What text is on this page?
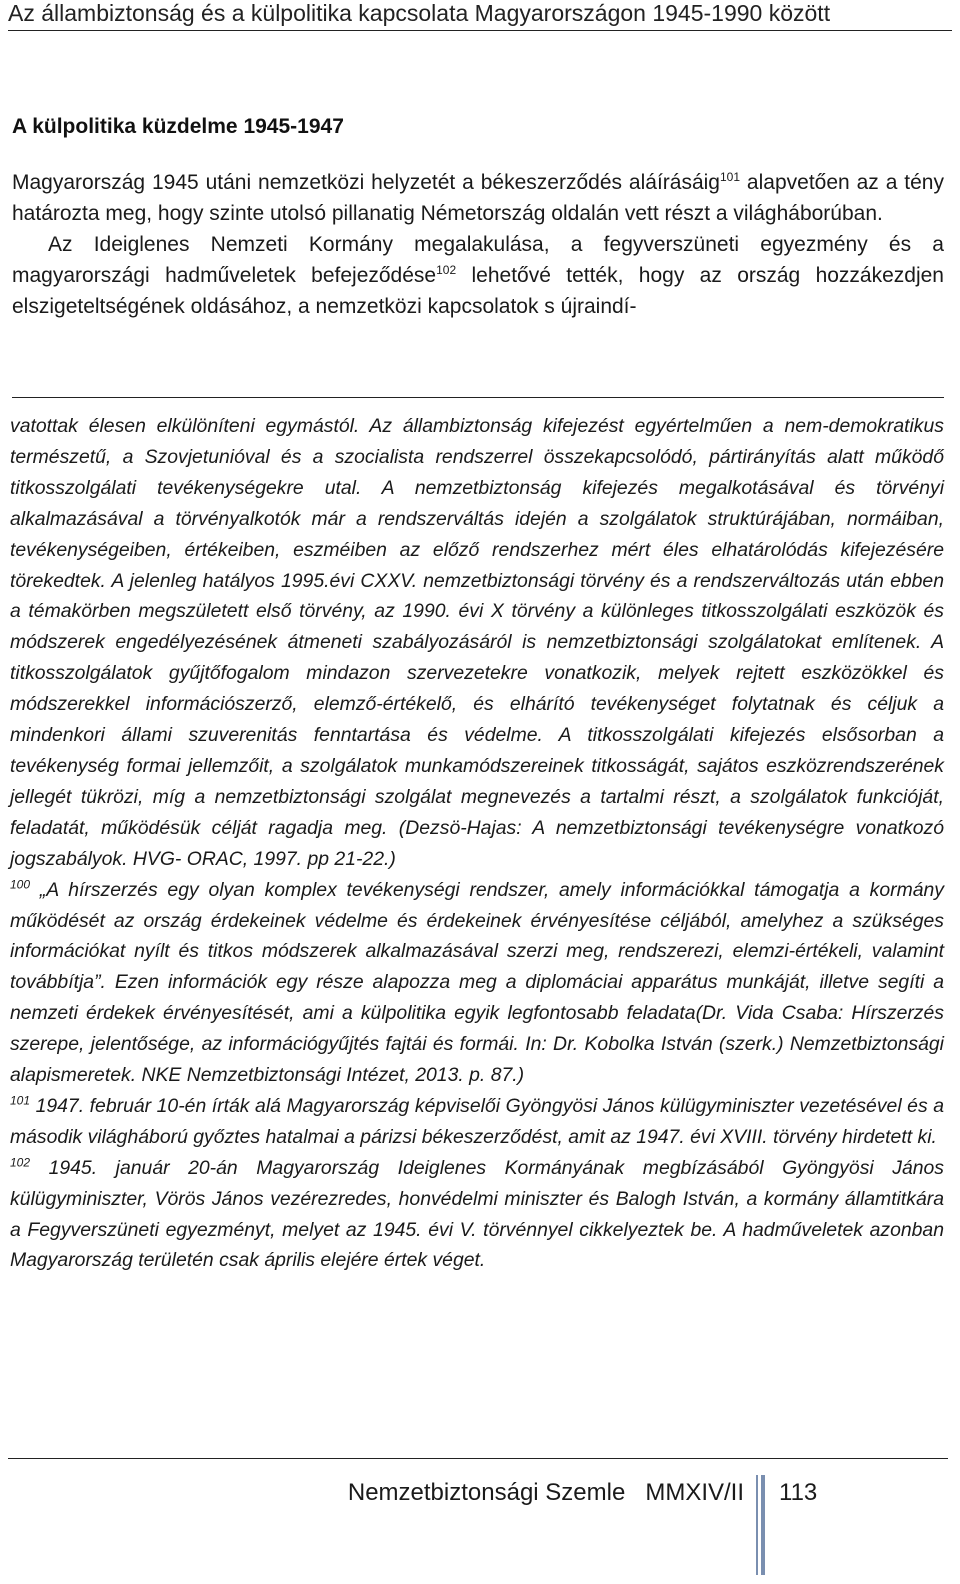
Az állambiztonság és a külpolitika kapcsolata Magyarországon 1945-1990 között
A külpolitika küzdelme 1945-1947

Magyarország 1945 utáni nemzetközi helyzetét a békeszerződés aláírásáig$^{101}$ alapvetően az a tény határozta meg, hogy szinte utolsó pillanatig Németország oldalán vett részt a világháborúban.

Az Ideiglenes Nemzeti Kormány megalakulása, a fegyverszüneti egyezmény és a magyarországi hadműveletek befejeződése$^{102}$ lehetővé tették, hogy az ország hozzákezdjen elszigeteltségének oldásához, a nemzetközi kapcsolatok s újraindí-

vatottak élesen elkülöníteni egymástól. Az állambiztonság kifejezést egyértelműen a nem-demokratikus természetű, a Szovjetunióval és a szocialista rendszerrel összekapcsolódó, pártirányítás alatt működő titkosszolgálati tevékenységekre utal. A nemzetbiztonság kifejezés megalkotásával és törvényi alkalmazásával a törvényalkotók már a rendszerváltás idején a szolgálatok struktúrájában, normáiban, tevékenységeiben, értékeiben, eszméiben az előző rendszerhez mért éles elhatárolódás kifejezésére törekedtek. A jelenleg hatályos 1995.évi CXXV. nemzetbiztonsági törvény és a rendszerváltozás után ebben a témakörben megszületett első törvény, az 1990. évi X törvény a különleges titkosszolgálati eszközök és módszerek engedélyezésének átmeneti szabályozásáról is nemzetbiztonsági szolgálatokat említenek. A titkosszolgálatok gyűjtőfogalom mindazon szervezetekre vonatkozik, melyek rejtett eszközökkel és módszerekkel információszerző, elemző-értékelő, és elhárító tevékenységet folytatnak és céljuk a mindenkori állami szuverenitás fenntartása és védelme. A titkosszolgálati kifejezés elsősorban a tevékenység formai jellemzőit, a szolgálatok munkamódszereinek titkosságát, sajátos eszközrendszerének jellegét tükrözi, míg a nemzetbiztonsági szolgálat megnevezés a tartalmi részt, a szolgálatok funkcióját, feladatát, működésük célját ragadja meg. (Dezsö-Hajas: A nemzetbiztonsági tevékenységre vonatkozó jogszabályok. HVG- ORAC, 1997. pp 21-22.)

$^{100}$ „A hírszerzés egy olyan komplex tevékenységi rendszer, amely információkkal támogatja a kormány működését az ország érdekeinek védelme és érdekeinek érvényesítése céljából, amelyhez a szükséges információkat nyílt és titkos módszerek alkalmazásával szerzi meg, rendszerezi, elemzi-értékeli, valamint továbbítja”. Ezen információk egy része alapozza meg a diplomáciai apparátus munkáját, illetve segíti a nemzeti érdekek érvényesítését, ami a külpolitika egyik legfontosabb feladata(Dr. Vida Csaba: Hírszerzés szerepe, jelentősége, az információgyűjtés fajtái és formái. In: Dr. Kobolka István (szerk.) Nemzetbiztonsági alapismeretek. NKE Nemzetbiztonsági Intézet, 2013. p. 87.)

$^{101}$ 1947. február 10-én írták alá Magyarország képviselői Gyöngyösi János külügyminiszter vezetésével és a második világháború győztes hatalmai a párizsi békeszerződést, amit az 1947. évi XVIII. törvény hirdetett ki.

$^{102}$ 1945. január 20-án Magyarország Ideiglenes Kormányának megbízásából Gyöngyösi János külügyminiszter, Vörös János vezérezredes, honvédelmi miniszter és Balogh István, a kormány államtitkára a Fegyverszüneti egyezményt, melyet az 1945. évi V. törvénnyel cikkelyeztek be. A hadműveletek azonban Magyarország területén csak április elejére értek véget.

Nemzetbiztonsági Szemle MMXIV/II 113
